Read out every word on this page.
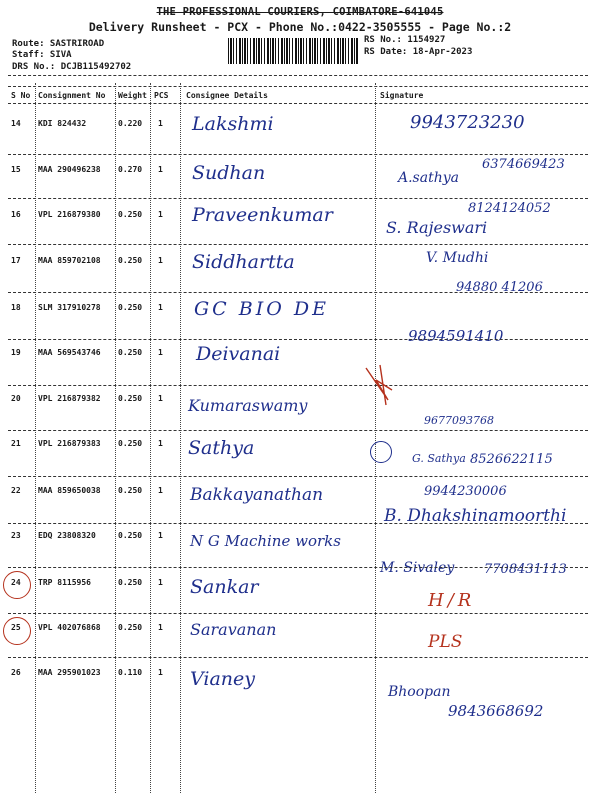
THE PROFESSIONAL COURIERS, COIMBATORE-641045
Delivery Runsheet - PCX - Phone No.:0422-3505555 - Page No.:2
Route: SASTRIROAD
Staff: SIVA
DRS No.: DCJB115492702
RS No.: 1154927
RS Date: 18-Apr-2023
S No Consignment No Weight PCS Consignee Details	Signature
14 KDI 824432	0.220 1 Lakshmi	9943723230
15 MAA 290496238 0.270 1 Sudhan	A.sathya
6374669423
16 VPL 216879380 0.250 1 Praveenkumar
S. Rajeswari
8124124052
17 MAA 859702108 0.250 1 Siddhartta	V. Mudhi
94880 41206
18 SLM 317910278 0.250 1 GC BIO DE
9894591410
19 MAA 569543746 0.250 1 Deivanai
20 VPL 216879382 0.250 1 Kumaraswamy
9677093768
21 VPL 216879383 0.250 1 Sathya	G. Sathya 8526622115
22 MAA 859650038 0.250 1 Bakkayanathan	9944230006
B. Dhakshinamoorthi
23 EDQ 23808320	0.250 1 N G Machine works
M. Sivaley 7708431113
24 TRP 8115956	0.250 1 Sankar
H/R
25 VPL 402076868 0.250 1 Saravanan
PLS
26 MAA 295901023 0.110 1 Vianey
Bhoopan
9843668692
